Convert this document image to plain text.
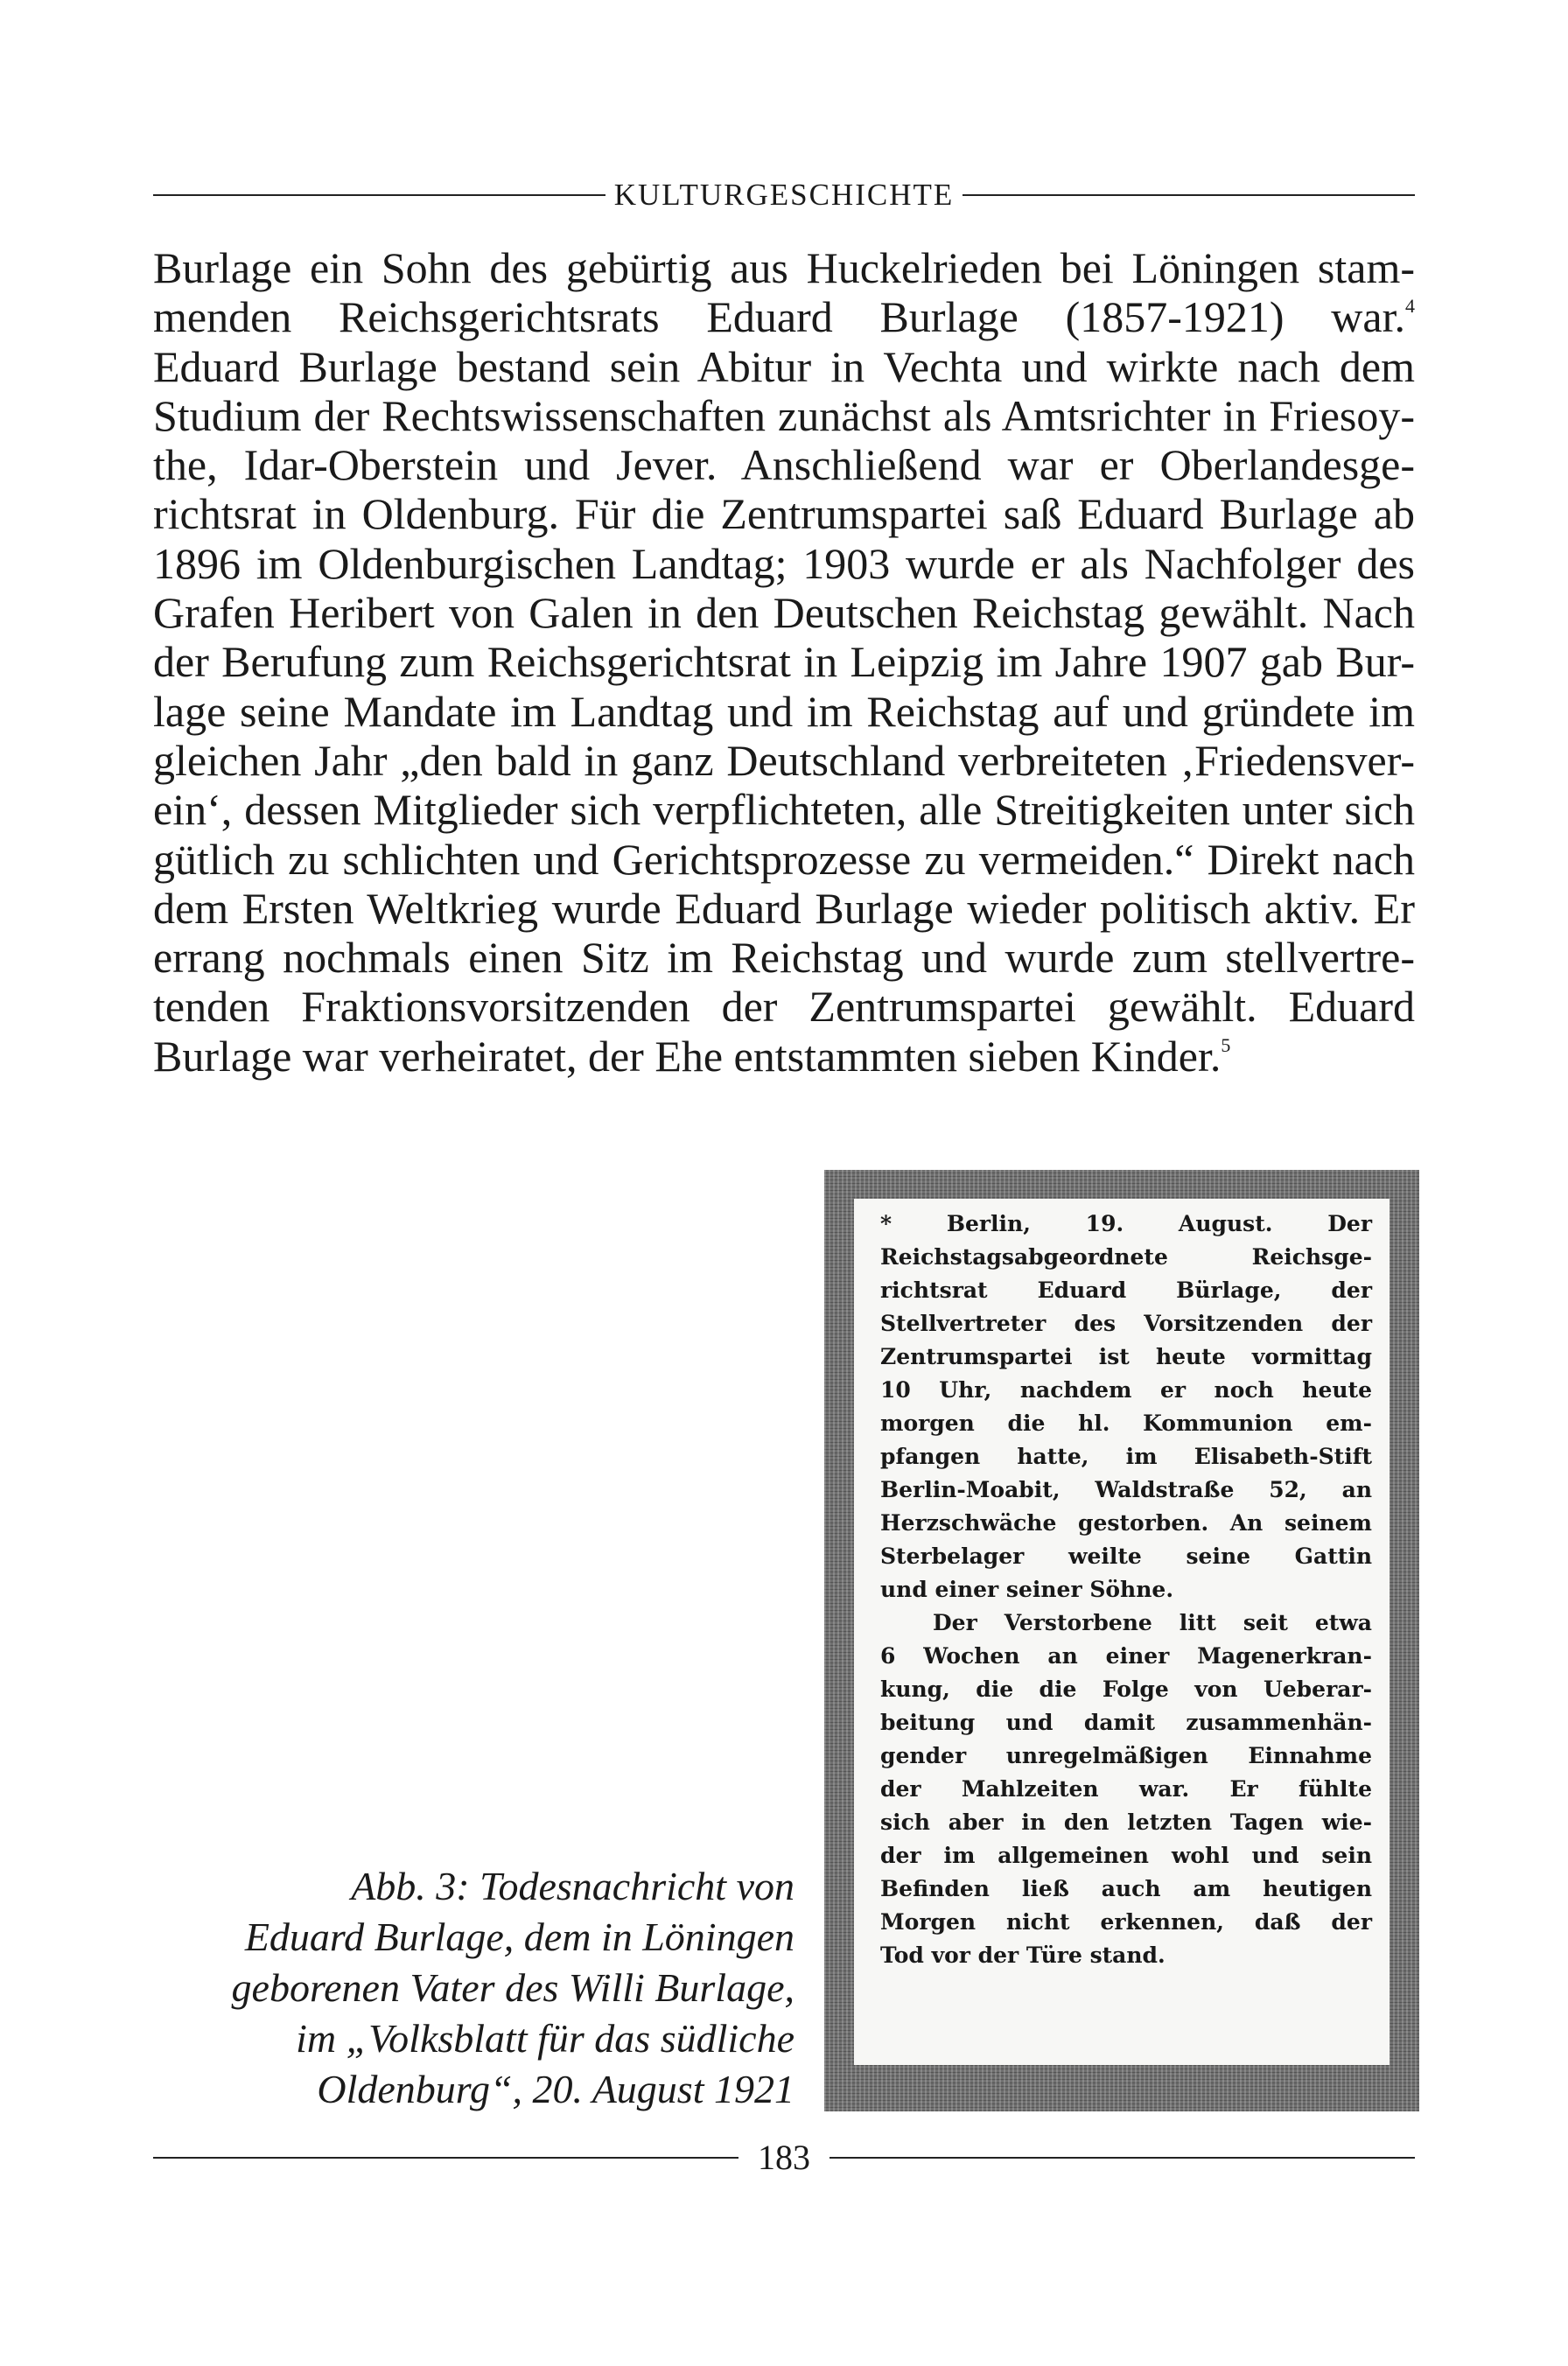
KULTURGESCHICHTE
Burlage ein Sohn des gebürtig aus Huckelrieden bei Löningen stam-
menden Reichsgerichtsrats Eduard Burlage (1857-1921) war.$^4$
Eduard Burlage bestand sein Abitur in Vechta und wirkte nach dem
Studium der Rechtswissenschaften zunächst als Amtsrichter in Friesoy-
the, Idar-Oberstein und Jever. Anschließend war er Oberlandesge-
richtsrat in Oldenburg. Für die Zentrumspartei saß Eduard Burlage ab
1896 im Oldenburgischen Landtag; 1903 wurde er als Nachfolger des
Grafen Heribert von Galen in den Deutschen Reichstag gewählt. Nach
der Berufung zum Reichsgerichtsrat in Leipzig im Jahre 1907 gab Bur-
lage seine Mandate im Landtag und im Reichstag auf und gründete im
gleichen Jahr „den bald in ganz Deutschland verbreiteten ‚Friedensver-
ein‘, dessen Mitglieder sich verpflichteten, alle Streitigkeiten unter sich
gütlich zu schlichten und Gerichtsprozesse zu vermeiden.“ Direkt nach
dem Ersten Weltkrieg wurde Eduard Burlage wieder politisch aktiv. Er
errang nochmals einen Sitz im Reichstag und wurde zum stellvertre-
tenden Fraktionsvorsitzenden der Zentrumspartei gewählt. Eduard
Burlage war verheiratet, der Ehe entstammten sieben Kinder.$^5$
* Berlin, 19. August. Der
Reichstagsabgeordnete Reichsge-
richtsrat Eduard Bürlage, der
Stellvertreter des Vorsitzenden der
Zentrumspartei ist heute vormittag
10 Uhr, nachdem er noch heute
morgen die hl. Kommunion em-
pfangen hatte, im Elisabeth-Stift
Berlin-Moabit, Waldstraße 52, an
Herzschwäche gestorben. An seinem
Sterbelager weilte seine Gattin
und einer seiner Söhne.
Der Verstorbene litt seit etwa
6 Wochen an einer Magenerkran-
kung, die die Folge von Ueberar-
beitung und damit zusammenhän-
gender unregelmäßigen Einnahme
der Mahlzeiten war. Er fühlte
sich aber in den letzten Tagen wie-
der im allgemeinen wohl und sein
Befinden ließ auch am heutigen
Morgen nicht erkennen, daß der
Tod vor der Türe stand.
Abb. 3: Todesnachricht von
Eduard Burlage, dem in Löningen
geborenen Vater des Willi Burlage,
im „Volksblatt für das südliche
Oldenburg“, 20. August 1921
183
